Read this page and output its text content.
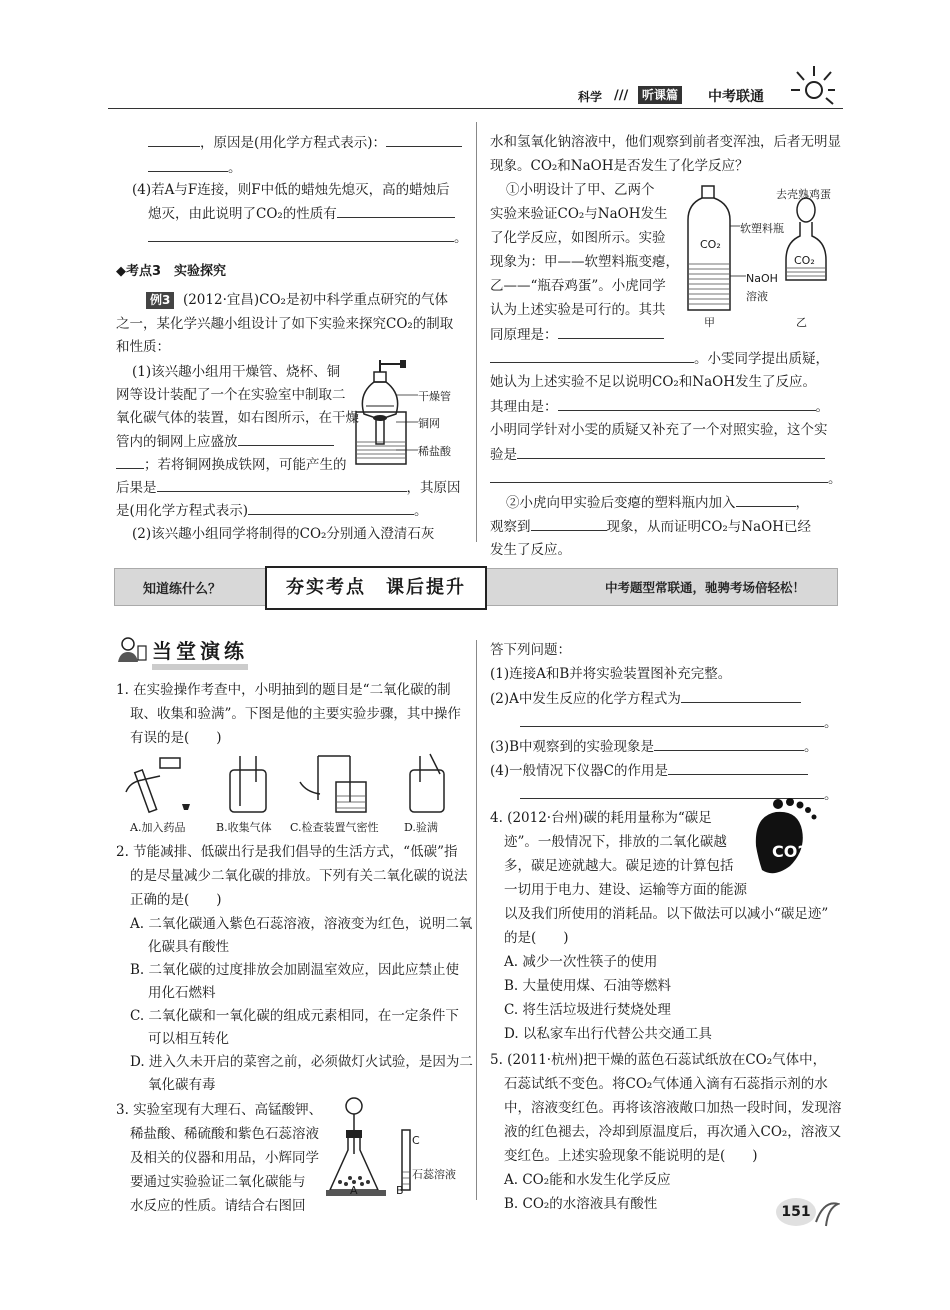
科学 ///	听课篇 中考联通
，原因是(用化学方程式表示)：
。
(4)若A与F连接，则F中低的蜡烛先熄灭，高的蜡烛后
熄灭，由此说明了CO₂的性质有
。
◆考点3　实验探究
例3 (2012·宜昌)CO₂是初中科学重点研究的气体
之一，某化学兴趣小组设计了如下实验来探究CO₂的制取
和性质：
(1)该兴趣小组用干燥管、烧杯、铜
网等设计装配了一个在实验室中制取二
氧化碳气体的装置，如右图所示，在干燥
管内的铜网上应盛放
；若将铜网换成铁网，可能产生的
后果是	，其原因
是(用化学方程式表示)	。
(2)该兴趣小组同学将制得的CO₂分别通入澄清石灰
干燥管
铜网
稀盐酸
水和氢氧化钠溶液中，他们观察到前者变浑浊，后者无明显
现象。CO₂和NaOH是否发生了化学反应？
①小明设计了甲、乙两个
实验来验证CO₂与NaOH发生
了化学反应，如图所示。实验
现象为：甲——软塑料瓶变瘪，
乙——“瓶吞鸡蛋”。小虎同学
认为上述实验是可行的。其共
同原理是：
。小雯同学提出质疑，
她认为上述实验不足以说明CO₂和NaOH发生了反应。
其理由是：	。
小明同学针对小雯的质疑又补充了一个对照实验，这个实
验是
。
②小虎向甲实验后变瘪的塑料瓶内加入	，
观察到	现象，从而证明CO₂与NaOH已经
发生了反应。
去壳熟鸡蛋
软塑料瓶
CO₂
CO₂
NaOH
溶液
甲	乙
知道练什么？	夯实考点　课后提升	中考题型常联通，驰骋考场倍轻松！
当堂演练
1. 在实验操作考查中，小明抽到的题目是“二氧化碳的制
取、收集和验满”。下图是他的主要实验步骤，其中操作
有误的是(　　)
A.加入药品	B.收集气体 C.检查装置气密性 D.验满
2. 节能减排、低碳出行是我们倡导的生活方式，“低碳”指
的是尽量减少二氧化碳的排放。下列有关二氧化碳的说法
正确的是(　　)
A. 二氧化碳通入紫色石蕊溶液，溶液变为红色，说明二氧
化碳具有酸性
B. 二氧化碳的过度排放会加剧温室效应，因此应禁止使
用化石燃料
C. 二氧化碳和一氧化碳的组成元素相同，在一定条件下
可以相互转化
D. 进入久未开启的菜窖之前，必须做灯火试验，是因为二
氧化碳有毒
3. 实验室现有大理石、高锰酸钾、
稀盐酸、稀硫酸和紫色石蕊溶液
及相关的仪器和用品，小辉同学
要通过实验验证二氧化碳能与
水反应的性质。请结合右图回
C
石蕊溶液
A	B
答下列问题：
(1)连接A和B并将实验装置图补充完整。
(2)A中发生反应的化学方程式为
。
(3)B中观察到的实验现象是	。
(4)一般情况下仪器C的作用是
。
4. (2012·台州)碳的耗用量称为“碳足
迹”。一般情况下，排放的二氧化碳越
多，碳足迹就越大。碳足迹的计算包括
一切用于电力、建设、运输等方面的能源
以及我们所使用的消耗品。以下做法可以减小“碳足迹”
的是(　　)
A. 减少一次性筷子的使用
B. 大量使用煤、石油等燃料
C. 将生活垃圾进行焚烧处理
D. 以私家车出行代替公共交通工具
CO2
5. (2011·杭州)把干燥的蓝色石蕊试纸放在CO₂气体中，
石蕊试纸不变色。将CO₂气体通入滴有石蕊指示剂的水
中，溶液变红色。再将该溶液敞口加热一段时间，发现溶
液的红色褪去，冷却到原温度后，再次通入CO₂，溶液又
变红色。上述实验现象不能说明的是(　　)
A. CO₂能和水发生化学反应
B. CO₂的水溶液具有酸性	151
